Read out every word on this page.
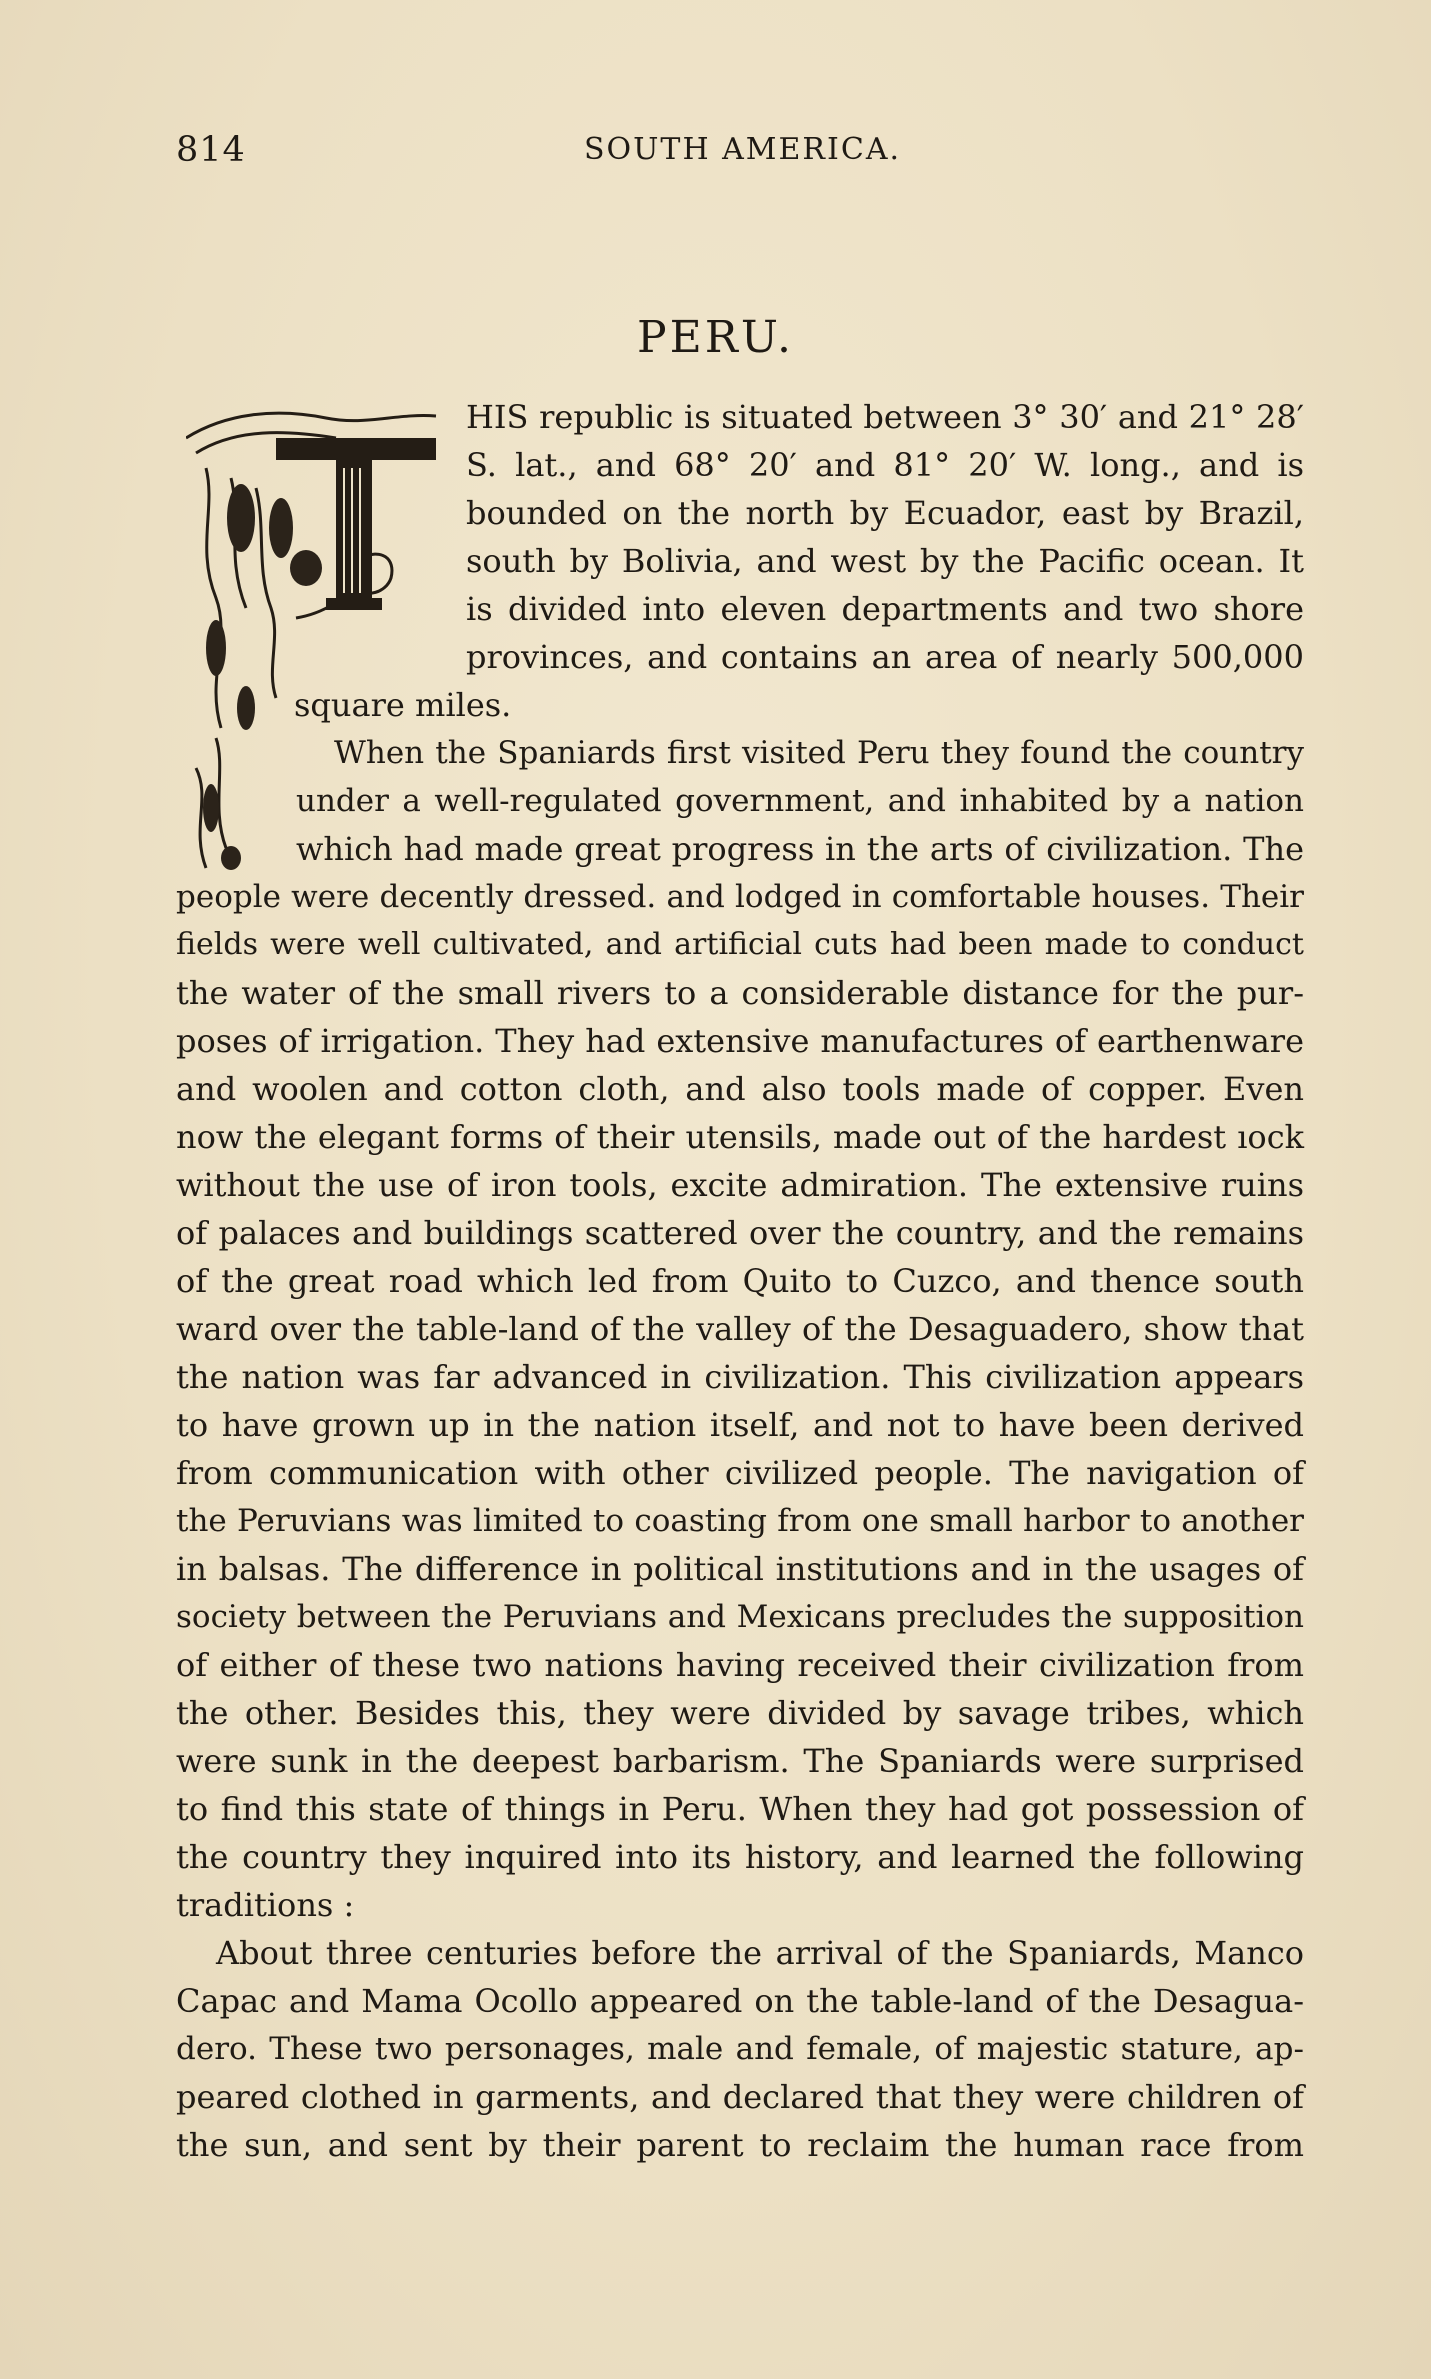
814	SOUTH AMERICA.
PERU.
HIS republic is situated between 3° 30′ and 21° 28′
S. lat., and 68° 20′ and 81° 20′ W. long., and is
bounded on the north by Ecuador, east by Brazil,
south by Bolivia, and west by the Pacific ocean. It
is divided into eleven departments and two shore
provinces, and contains an area of nearly 500,000
square miles.
When the Spaniards first visited Peru they found the country
under a well-regulated government, and inhabited by a nation
which had made great progress in the arts of civilization. The
people were decently dressed. and lodged in comfortable houses. Their
fields were well cultivated, and artificial cuts had been made to conduct
the water of the small rivers to a considerable distance for the pur-
poses of irrigation. They had extensive manufactures of earthenware
and woolen and cotton cloth, and also tools made of copper. Even
now the elegant forms of their utensils, made out of the hardest ıock
without the use of iron tools, excite admiration. The extensive ruins
of palaces and buildings scattered over the country, and the remains
of the great road which led from Quito to Cuzco, and thence south
ward over the table-land of the valley of the Desaguadero, show that
the nation was far advanced in civilization. This civilization appears
to have grown up in the nation itself, and not to have been derived
from communication with other civilized people. The navigation of
the Peruvians was limited to coasting from one small harbor to another
in balsas. The difference in political institutions and in the usages of
society between the Peruvians and Mexicans precludes the supposition
of either of these two nations having received their civilization from
the other. Besides this, they were divided by savage tribes, which
were sunk in the deepest barbarism. The Spaniards were surprised
to find this state of things in Peru. When they had got possession of
the country they inquired into its history, and learned the following
traditions :
About three centuries before the arrival of the Spaniards, Manco
Capac and Mama Ocollo appeared on the table-land of the Desagua-
dero. These two personages, male and female, of majestic stature, ap-
peared clothed in garments, and declared that they were children of
the sun, and sent by their parent to reclaim the human race from
